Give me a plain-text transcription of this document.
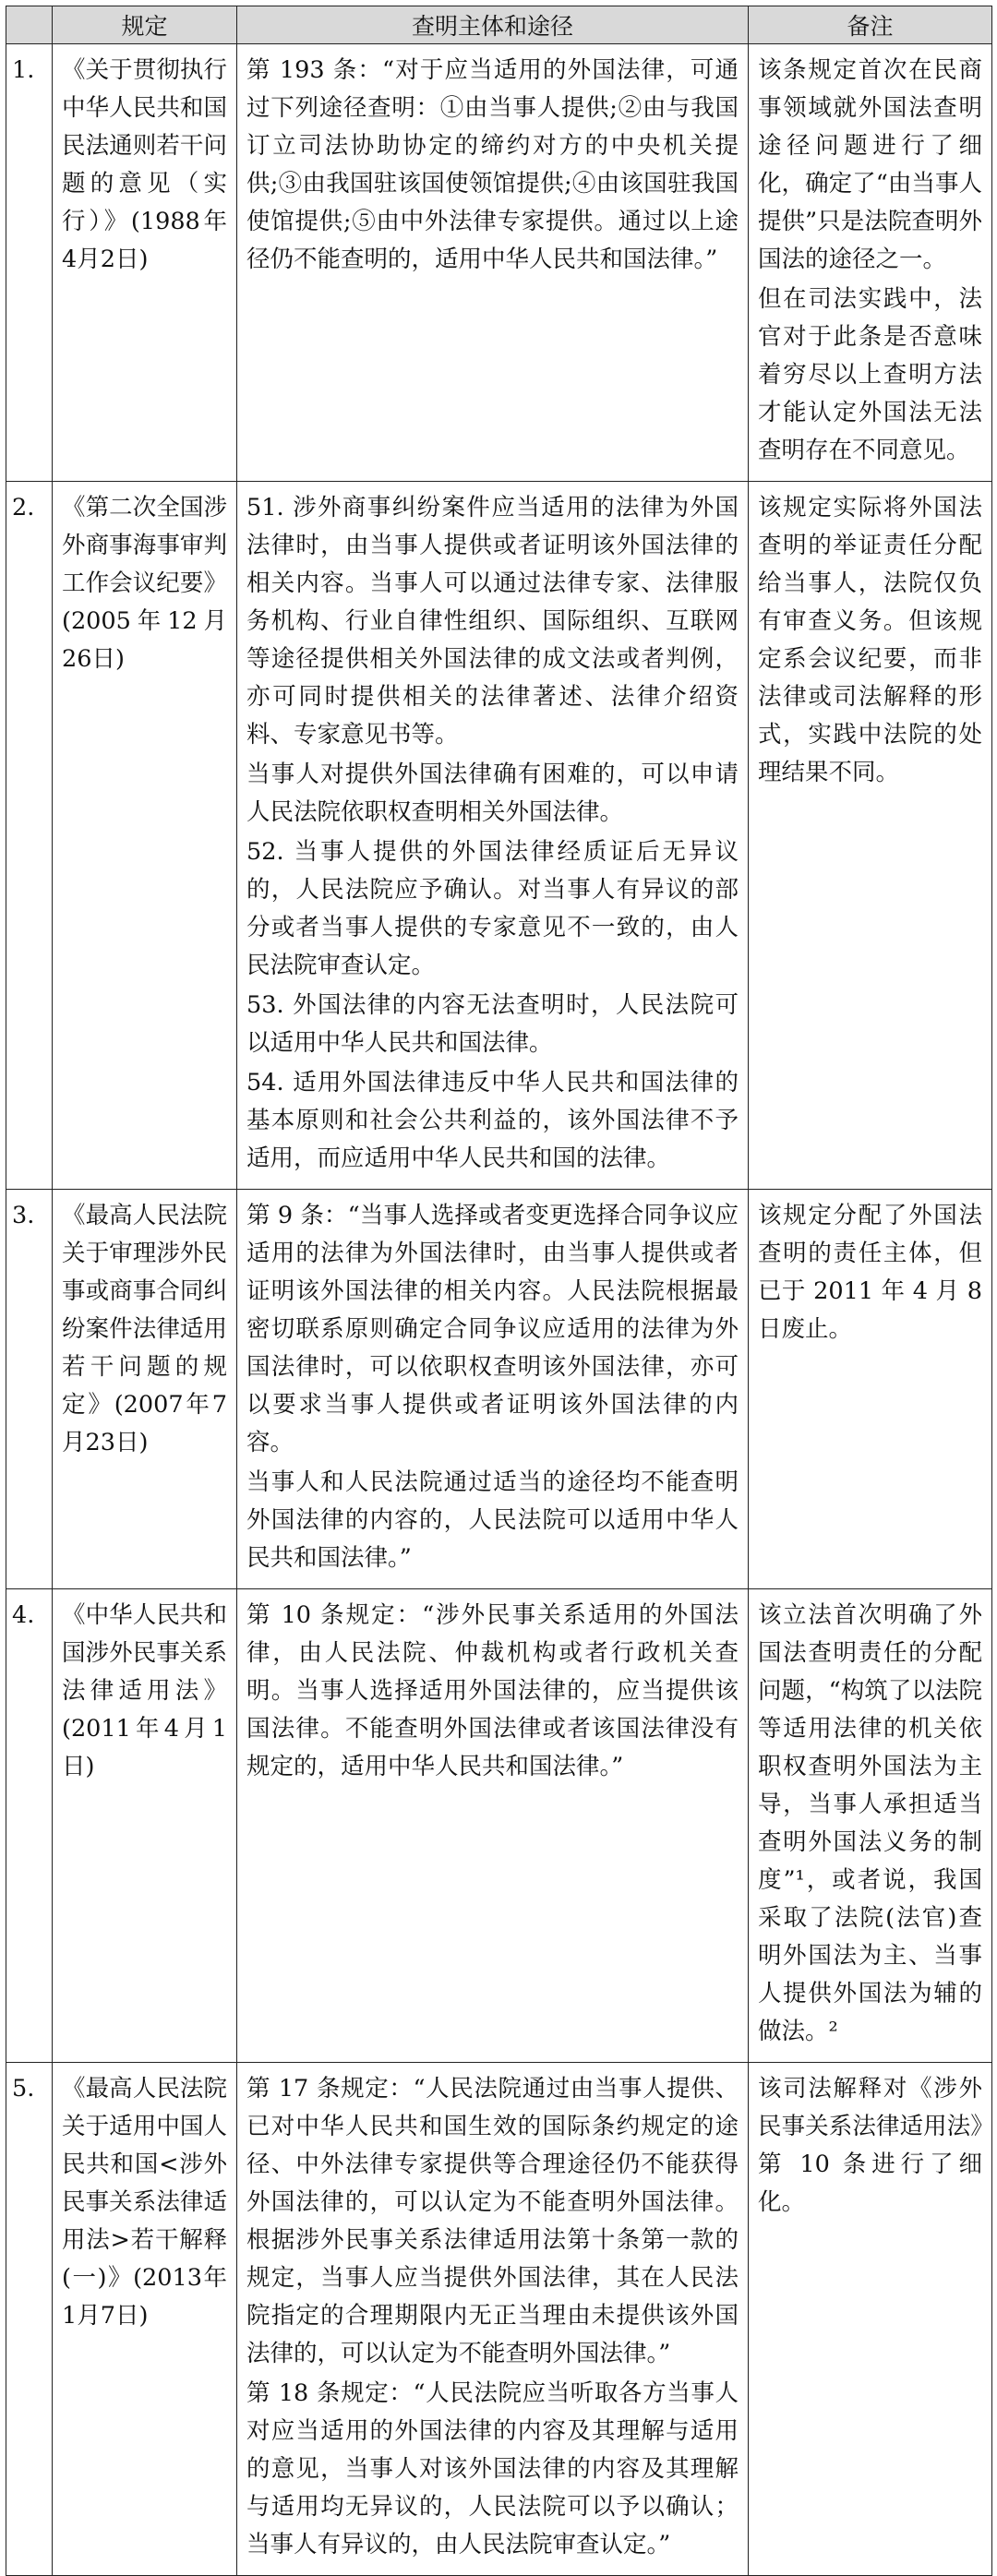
	规定	查明主体和途径	备注
1.	《关于贯彻执行中华人民共和国民法通则若干问题的意见（实行）》(1988年4月2日)	第 193 条：“对于应当适用的外国法律，可通过下列途径查明：①由当事人提供;②由与我国订立司法协助协定的缔约对方的中央机关提供;③由我国驻该国使领馆提供;④由该国驻我国使馆提供;⑤由中外法律专家提供。通过以上途径仍不能查明的，适用中华人民共和国法律。”	该条规定首次在民商事领域就外国法查明途径问题进行了细化，确定了“由当事人提供”只是法院查明外国法的途径之一。

但在司法实践中，法官对于此条是否意味着穷尽以上查明方法才能认定外国法无法查明存在不同意见。

2.	《第二次全国涉外商事海事审判工作会议纪要》(2005年12月26日)	51. 涉外商事纠纷案件应当适用的法律为外国法律时，由当事人提供或者证明该外国法律的相关内容。当事人可以通过法律专家、法律服务机构、行业自律性组织、国际组织、互联网等途径提供相关外国法律的成文法或者判例，亦可同时提供相关的法律著述、法律介绍资料、专家意见书等。

当事人对提供外国法律确有困难的，可以申请人民法院依职权查明相关外国法律。

52. 当事人提供的外国法律经质证后无异议的，人民法院应予确认。对当事人有异议的部分或者当事人提供的专家意见不一致的，由人民法院审查认定。

53. 外国法律的内容无法查明时，人民法院可以适用中华人民共和国法律。

54. 适用外国法律违反中华人民共和国法律的基本原则和社会公共利益的，该外国法律不予适用，而应适用中华人民共和国的法律。	该规定实际将外国法查明的举证责任分配给当事人，法院仅负有审查义务。但该规定系会议纪要，而非法律或司法解释的形式，实践中法院的处理结果不同。

3.	《最高人民法院关于审理涉外民事或商事合同纠纷案件法律适用若干问题的规定》(2007年7月23日)	第 9 条：“当事人选择或者变更选择合同争议应适用的法律为外国法律时，由当事人提供或者证明该外国法律的相关内容。人民法院根据最密切联系原则确定合同争议应适用的法律为外国法律时，可以依职权查明该外国法律，亦可以要求当事人提供或者证明该外国法律的内容。

当事人和人民法院通过适当的途径均不能查明外国法律的内容的，人民法院可以适用中华人民共和国法律。”	该规定分配了外国法查明的责任主体，但已于 2011 年 4 月 8 日废止。

4.	《中华人民共和国涉外民事关系法律适用法》(2011年4月1日)	第 10 条规定：“涉外民事关系适用的外国法律，由人民法院、仲裁机构或者行政机关查明。当事人选择适用外国法律的，应当提供该国法律。不能查明外国法律或者该国法律没有规定的，适用中华人民共和国法律。”	该立法首次明确了外国法查明责任的分配问题，“构筑了以法院等适用法律的机关依职权查明外国法为主导，当事人承担适当查明外国法义务的制度”¹，或者说，我国采取了法院(法官)查明外国法为主、当事人提供外国法为辅的做法。²

5.	《最高人民法院关于适用中国人民共和国<涉外民事关系法律适用法>若干解释(一)》(2013年1月7日)	第 17 条规定：“人民法院通过由当事人提供、已对中华人民共和国生效的国际条约规定的途径、中外法律专家提供等合理途径仍不能获得外国法律的，可以认定为不能查明外国法律。根据涉外民事关系法律适用法第十条第一款的规定，当事人应当提供外国法律，其在人民法院指定的合理期限内无正当理由未提供该外国法律的，可以认定为不能查明外国法律。”

第 18 条规定：“人民法院应当听取各方当事人对应当适用的外国法律的内容及其理解与适用的意见，当事人对该外国法律的内容及其理解与适用均无异议的，人民法院可以予以确认；当事人有异议的，由人民法院审查认定。”	该司法解释对《涉外民事关系法律适用法》第 10 条进行了细化。
